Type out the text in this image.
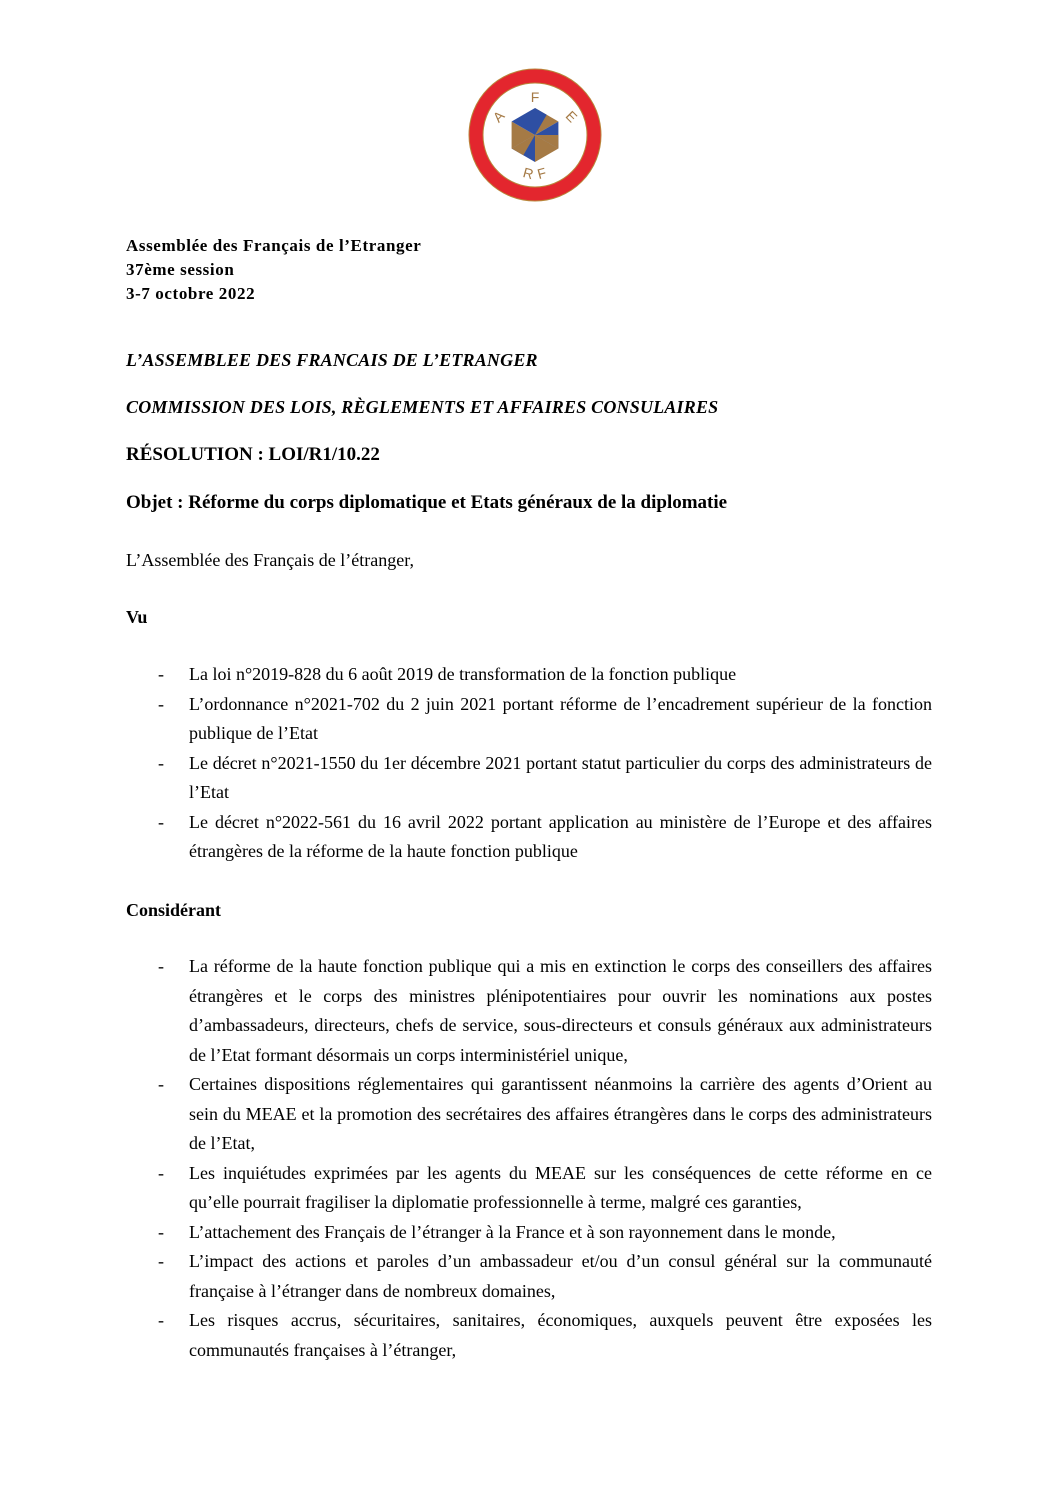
F
A	E
R F
Assemblée des Français de l’Etranger
37ème session
3-7 octobre 2022
L’ASSEMBLEE DES FRANCAIS DE L’ETRANGER
COMMISSION DES LOIS, RÈGLEMENTS ET AFFAIRES CONSULAIRES
RÉSOLUTION : LOI/R1/10.22
Objet : Réforme du corps diplomatique et Etats généraux de la diplomatie
L’Assemblée des Français de l’étranger,
Vu
- La loi n°2019-828 du 6 août 2019 de transformation de la fonction publique
- L’ordonnance n°2021-702 du 2 juin 2021 portant réforme de l’encadrement supérieur de la fonction publique de l’Etat
- Le décret n°2021-1550 du 1er décembre 2021 portant statut particulier du corps des administrateurs de l’Etat
- Le décret n°2022-561 du 16 avril 2022 portant application au ministère de l’Europe et des affaires étrangères de la réforme de la haute fonction publique
Considérant
- La réforme de la haute fonction publique qui a mis en extinction le corps des conseillers des affaires étrangères et le corps des ministres plénipotentiaires pour ouvrir les nominations aux postes d’ambassadeurs, directeurs, chefs de service, sous-directeurs et consuls généraux aux administrateurs de l’Etat formant désormais un corps interministériel unique,
- Certaines dispositions réglementaires qui garantissent néanmoins la carrière des agents d’Orient au sein du MEAE et la promotion des secrétaires des affaires étrangères dans le corps des administrateurs de l’Etat,
- Les inquiétudes exprimées par les agents du MEAE sur les conséquences de cette réforme en ce qu’elle pourrait fragiliser la diplomatie professionnelle à terme, malgré ces garanties,
- L’attachement des Français de l’étranger à la France et à son rayonnement dans le monde,
- L’impact des actions et paroles d’un ambassadeur et/ou d’un consul général sur la communauté française à l’étranger dans de nombreux domaines,
- Les risques accrus, sécuritaires, sanitaires, économiques, auxquels peuvent être exposées les communautés françaises à l’étranger,
